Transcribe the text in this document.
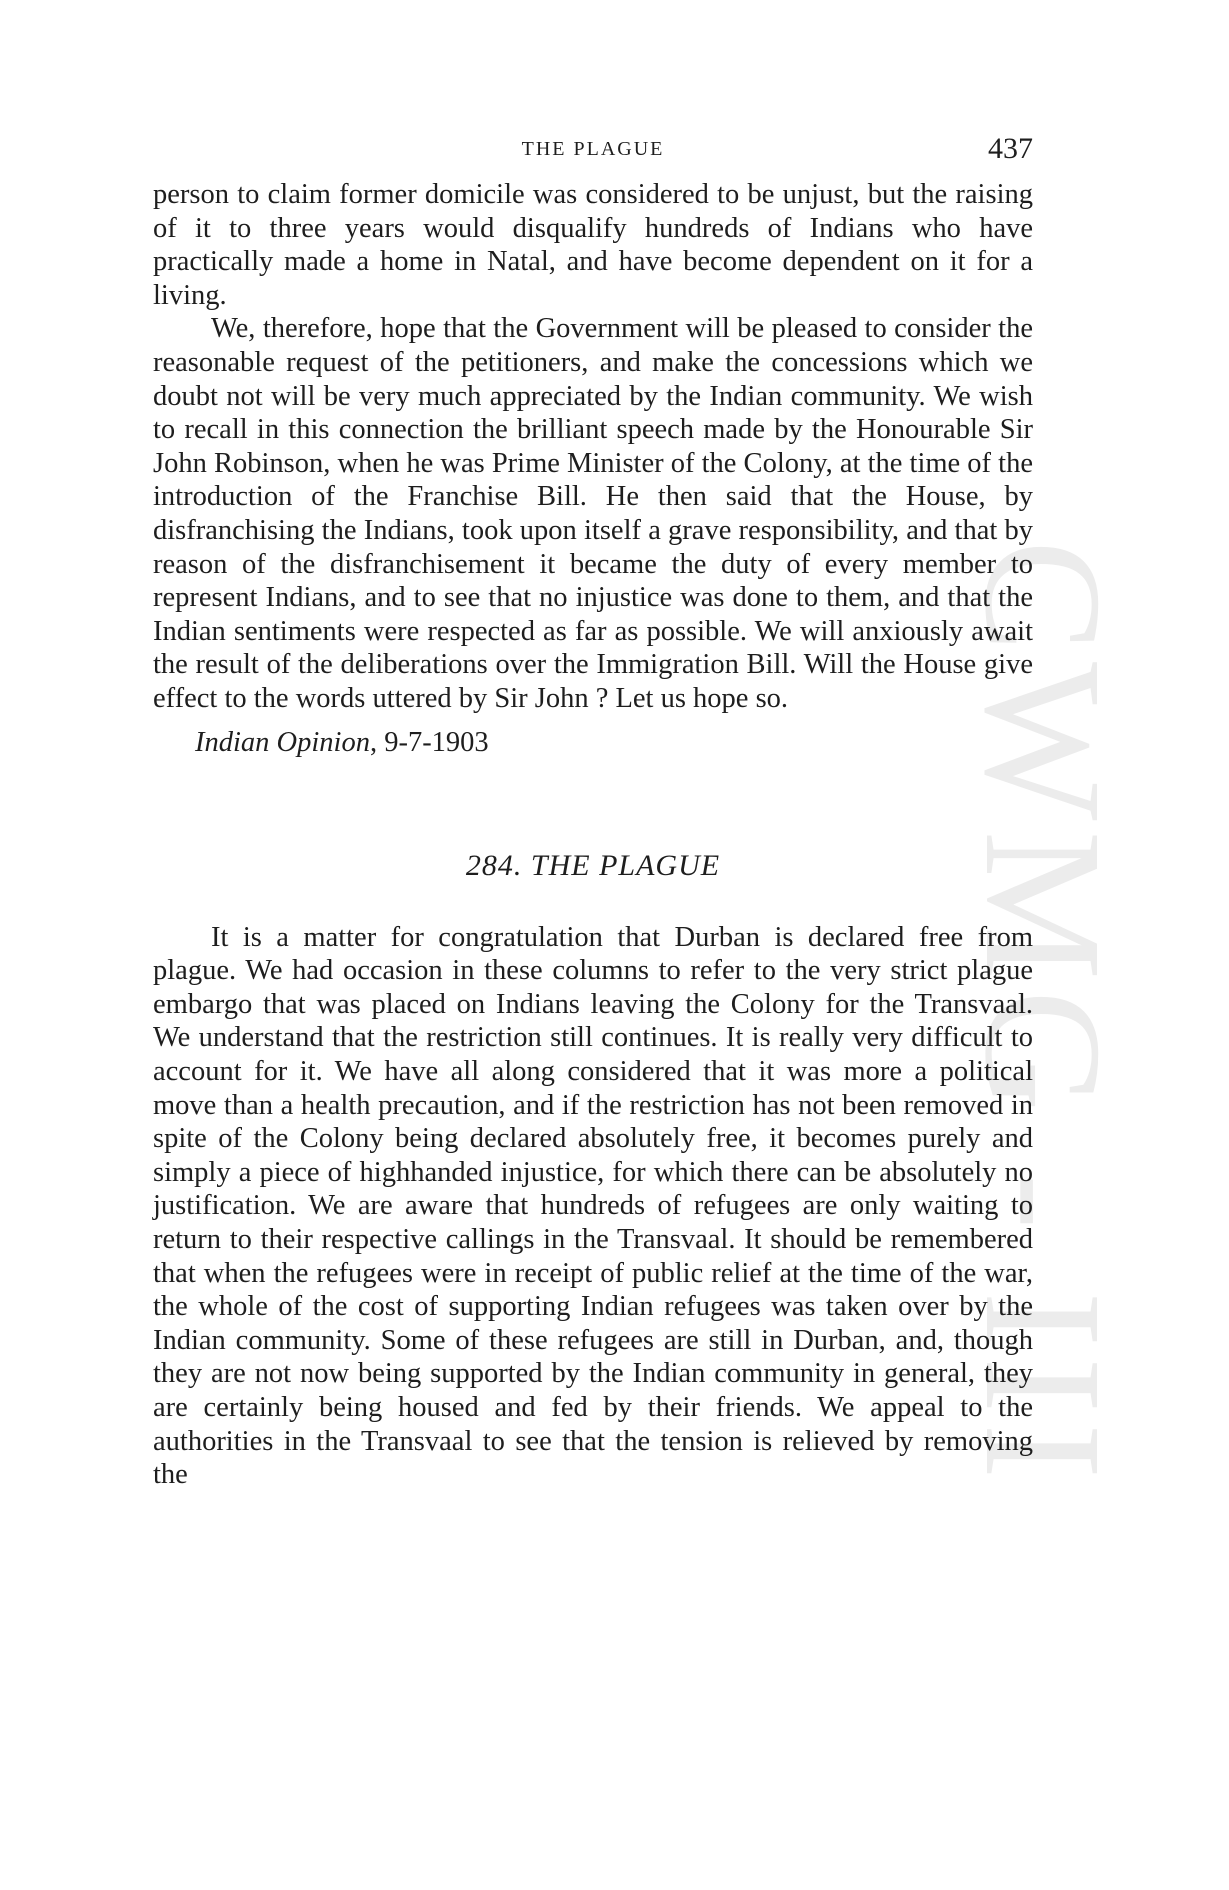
CWMG - III
THE PLAGUE	437

person to claim former domicile was considered to be unjust, but the raising of it to three years would disqualify hundreds of Indians who have practically made a home in Natal, and have become dependent on it for a living.

We, therefore, hope that the Government will be pleased to consider the reasonable request of the petitioners, and make the concessions which we doubt not will be very much appreciated by the Indian community. We wish to recall in this connection the brilliant speech made by the Honourable Sir John Robinson, when he was Prime Minister of the Colony, at the time of the introduction of the Franchise Bill. He then said that the House, by disfranchising the Indians, took upon itself a grave responsibility, and that by reason of the disfranchisement it became the duty of every member to represent Indians, and to see that no injustice was done to them, and that the Indian sentiments were respected as far as possible. We will anxiously await the result of the deliberations over the Immigration Bill. Will the House give effect to the words uttered by Sir John ? Let us hope so.

Indian Opinion, 9-7-1903

284. THE PLAGUE

It is a matter for congratulation that Durban is declared free from plague. We had occasion in these columns to refer to the very strict plague embargo that was placed on Indians leaving the Colony for the Transvaal. We understand that the restriction still continues. It is really very difficult to account for it. We have all along considered that it was more a political move than a health precaution, and if the restriction has not been removed in spite of the Colony being declared absolutely free, it becomes purely and simply a piece of highhanded injustice, for which there can be absolutely no justification. We are aware that hundreds of refugees are only waiting to return to their respective callings in the Transvaal. It should be remembered that when the refugees were in receipt of public relief at the time of the war, the whole of the cost of supporting Indian refugees was taken over by the Indian community. Some of these refugees are still in Durban, and, though they are not now being supported by the Indian community in general, they are certainly being housed and fed by their friends. We appeal to the authorities in the Transvaal to see that the tension is relieved by removing the
